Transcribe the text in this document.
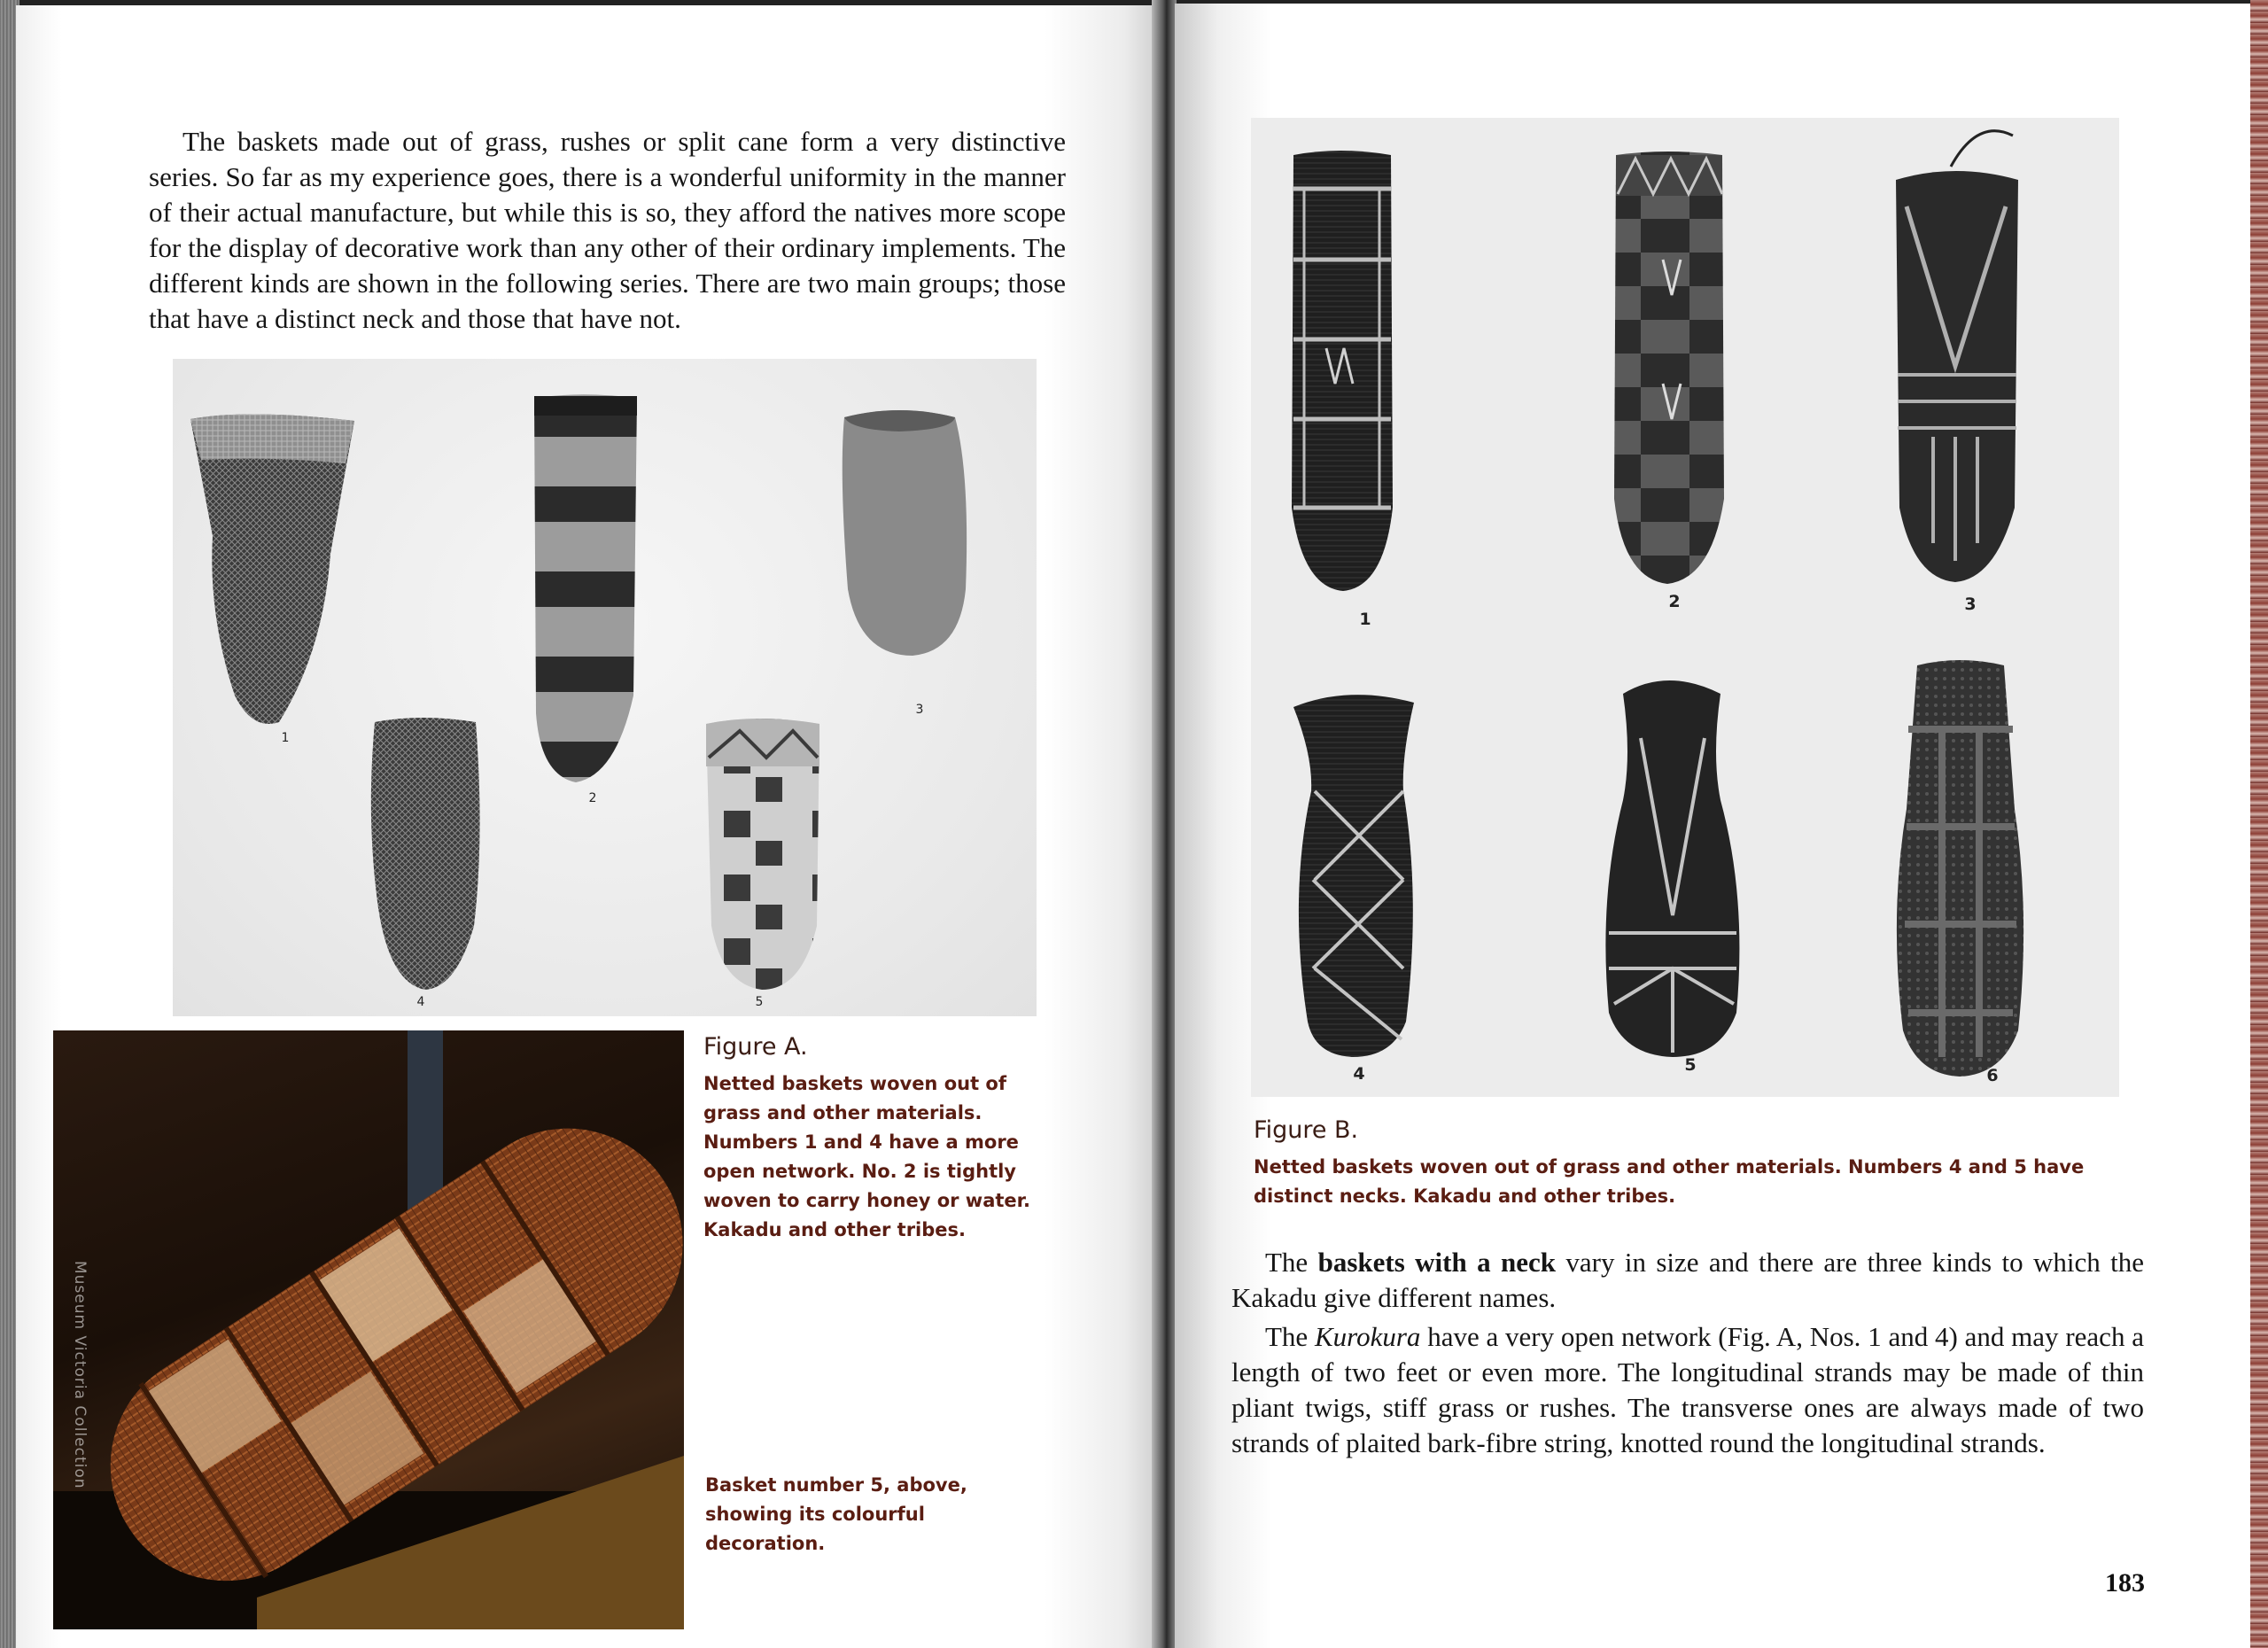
The baskets made out of grass, rushes or split cane form a very distinctive series. So far as my experience goes, there is a wonderful uniformity in the manner of their actual manufacture, but while this is so, they afford the natives more scope for the display of decorative work than any other of their ordinary implements. The different kinds are shown in the following series. There are two main groups; those that have a distinct neck and those that have not.

1
2
3
4	5
Museum Victoria Collection
Figure A.
Netted baskets woven out of grass and other materials. Numbers 1 and 4 have a more open network. No. 2 is tightly woven to carry honey or water. Kakadu and other tribes.
Basket number 5, above, showing its colourful decoration.
1
2	3
4	5
6
Figure B.
Netted baskets woven out of grass and other materials. Numbers 4 and 5 have distinct necks. Kakadu and other tribes.

The baskets with a neck vary in size and there are three kinds to which the Kakadu give different names.

The Kurokura have a very open network (Fig. A, Nos. 1 and 4) and may reach a length of two feet or even more. The longitudinal strands may be made of thin pliant twigs, stiff grass or rushes. The transverse ones are always made of two strands of plaited bark-fibre string, knotted round the longitudinal strands.

183
